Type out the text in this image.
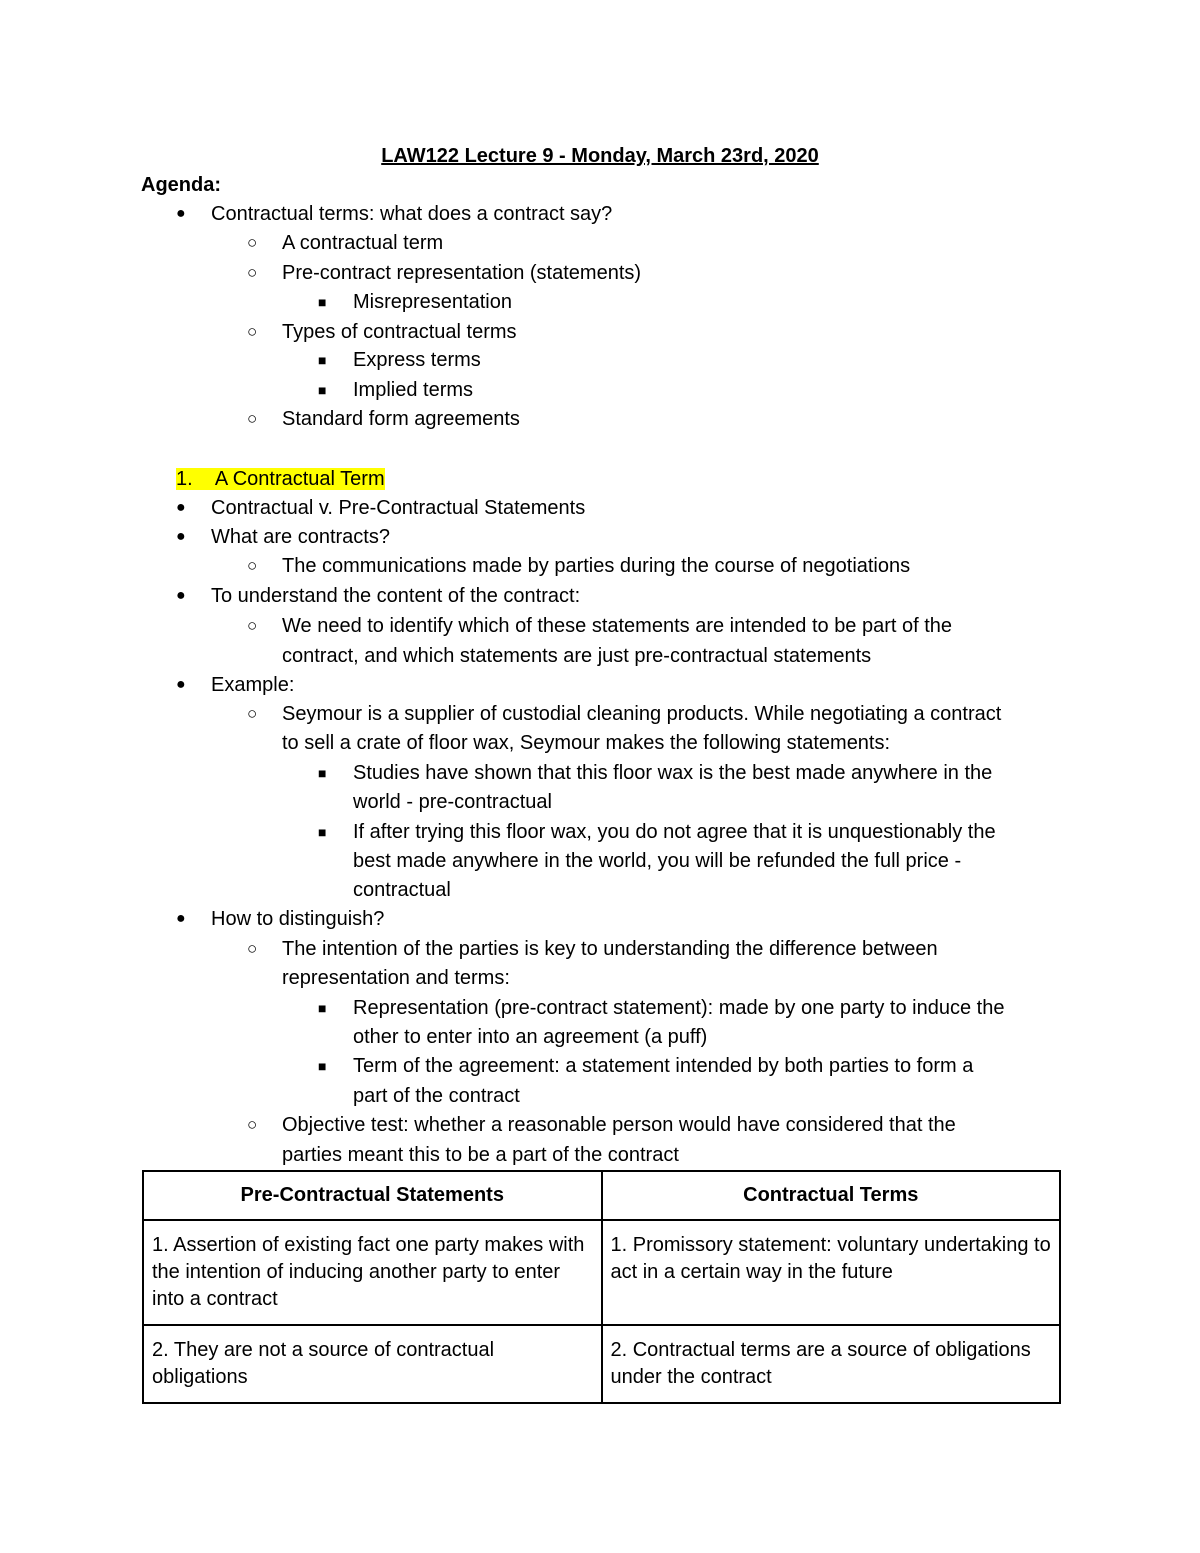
LAW122 Lecture 9 - Monday, March 23rd, 2020
Agenda:
● Contractual terms: what does a contract say?
○ A contractual term
○ Pre-contract representation (statements)
■ Misrepresentation
○ Types of contractual terms
■ Express terms
■ Implied terms
○ Standard form agreements
1. A Contractual Term
● Contractual v. Pre-Contractual Statements
● What are contracts?
○ The communications made by parties during the course of negotiations
● To understand the content of the contract:
○ We need to identify which of these statements are intended to be part of the
contract, and which statements are just pre-contractual statements
● Example:
○ Seymour is a supplier of custodial cleaning products. While negotiating a contract
to sell a crate of floor wax, Seymour makes the following statements:
■ Studies have shown that this floor wax is the best made anywhere in the
world - pre-contractual
■ If after trying this floor wax, you do not agree that it is unquestionably the
best made anywhere in the world, you will be refunded the full price -
contractual
● How to distinguish?
○ The intention of the parties is key to understanding the difference between
representation and terms:
■ Representation (pre-contract statement): made by one party to induce the
other to enter into an agreement (a puff)
■ Term of the agreement: a statement intended by both parties to form a
part of the contract
○ Objective test: whether a reasonable person would have considered that the
parties meant this to be a part of the contract
Pre-Contractual Statements	Contractual Terms
1. Assertion of existing fact one party makes with the intention of inducing another party to enter into a contract	1. Promissory statement: voluntary undertaking to act in a certain way in the future
2. They are not a source of contractual obligations	2. Contractual terms are a source of obligations under the contract
